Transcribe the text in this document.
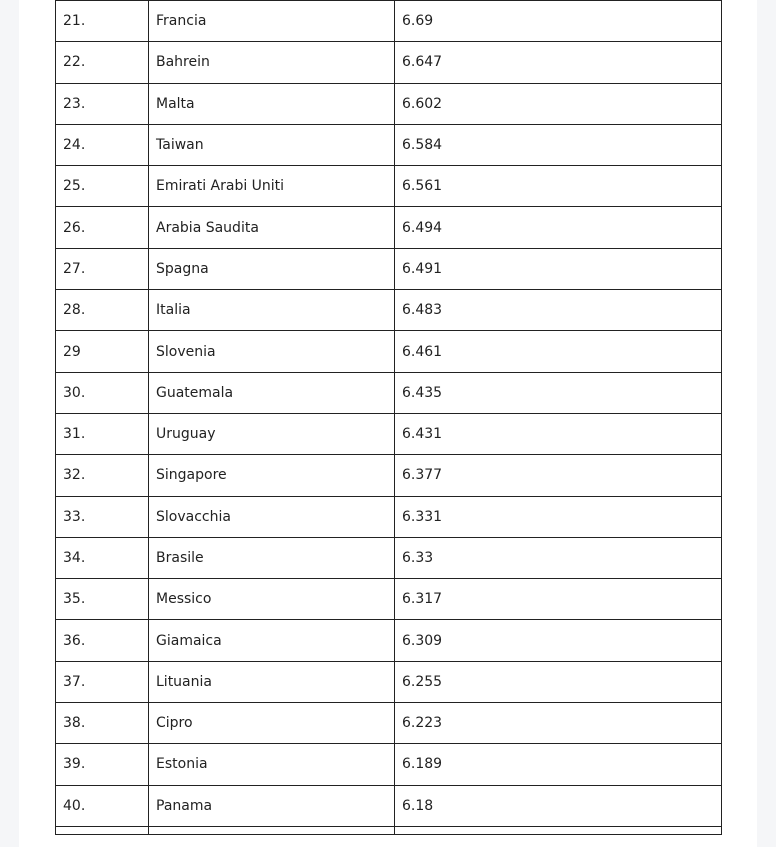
21.	Francia	6.69
22.	Bahrein	6.647
23.	Malta	6.602
24.	Taiwan	6.584
25.	Emirati Arabi Uniti	6.561
26.	Arabia Saudita	6.494
27.	Spagna	6.491
28.	Italia	6.483
29	Slovenia	6.461
30.	Guatemala	6.435
31.	Uruguay	6.431
32.	Singapore	6.377
33.	Slovacchia	6.331
34.	Brasile	6.33
35.	Messico	6.317
36.	Giamaica	6.309
37.	Lituania	6.255
38.	Cipro	6.223
39.	Estonia	6.189
40.	Panama	6.18
